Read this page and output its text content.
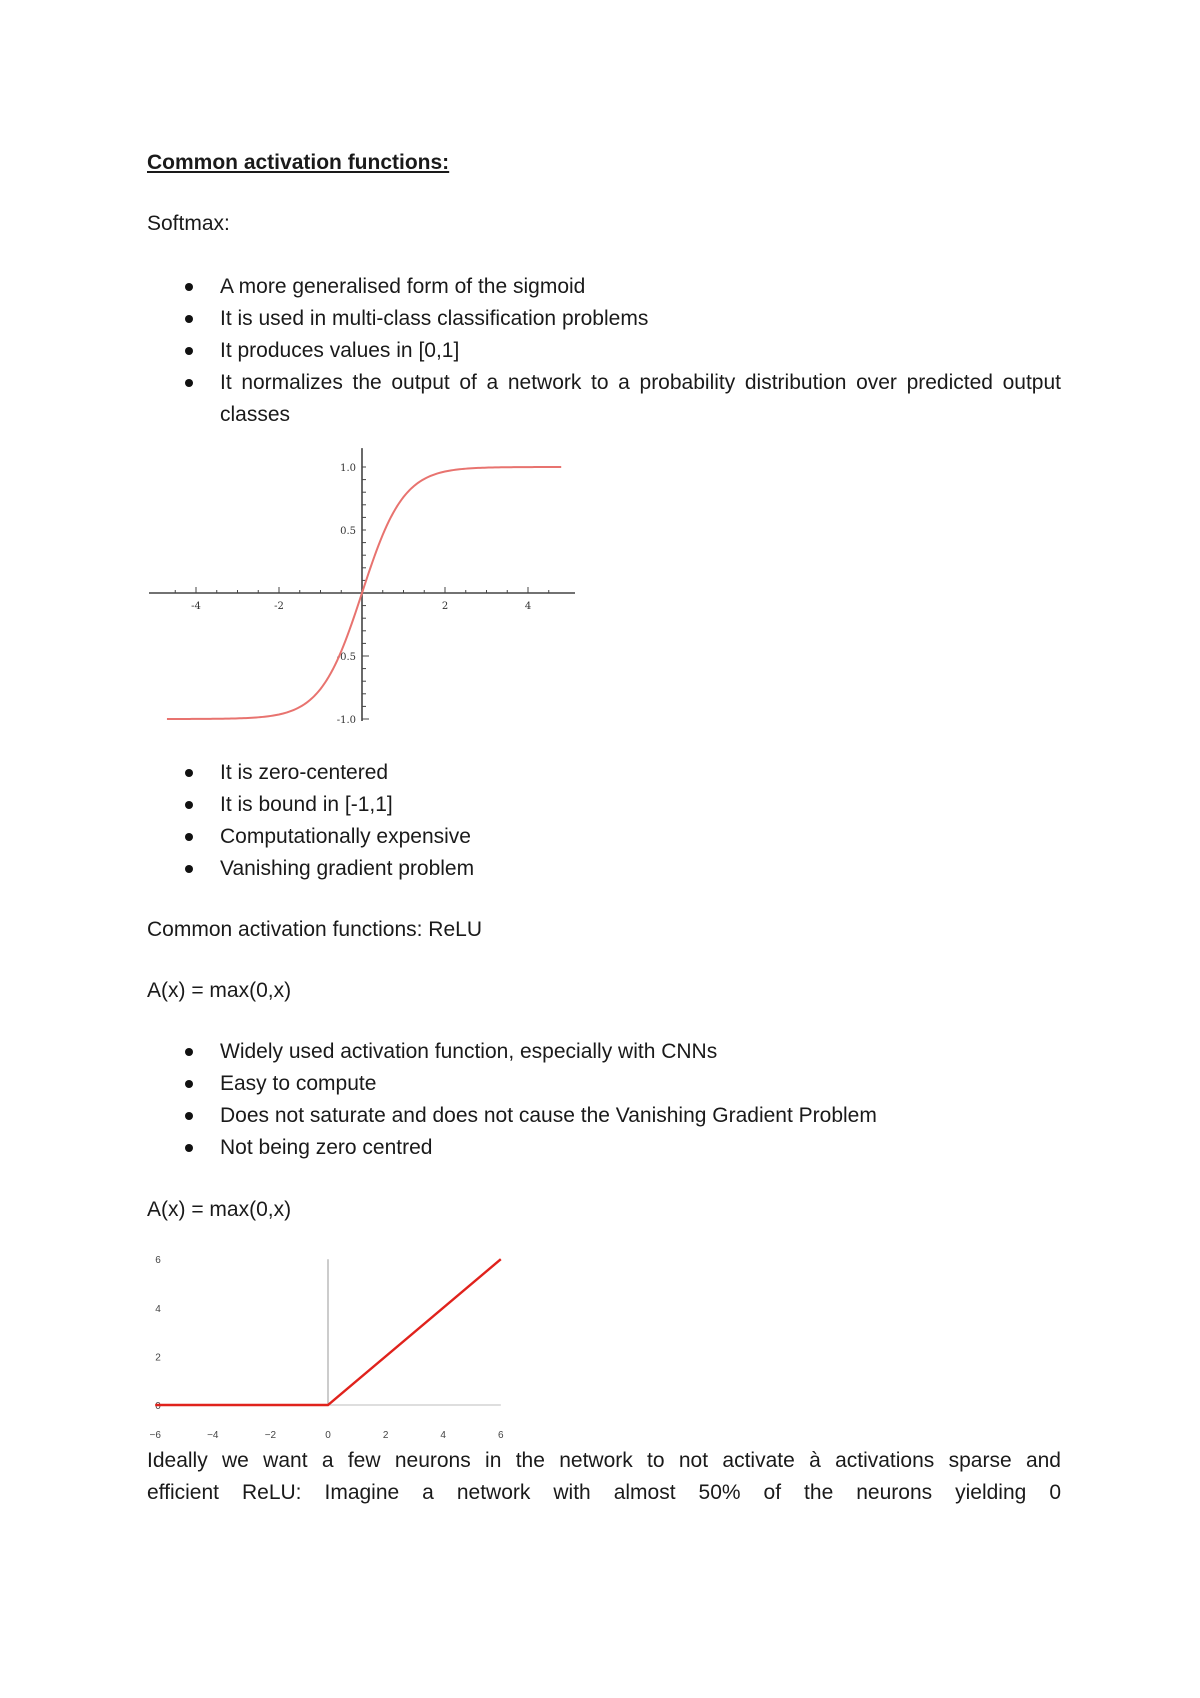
Common activation functions:
Softmax:
A more generalised form of the sigmoid
It is used in multi-class classification problems
It produces values in [0,1]
It normalizes the output of a network to a probability distribution over predicted output classes
-4	-2	2	4
1.0
0.5
-0.5
-1.0
It is zero-centered
It is bound in [-1,1]
Computationally expensive
Vanishing gradient problem
Common activation functions: ReLU
A(x) = max(0,x)
Widely used activation function, especially with CNNs
Easy to compute
Does not saturate and does not cause the Vanishing Gradient Problem
Not being zero centred
A(x) = max(0,x)
−6	−4	−2	0	2	4	6
6
4
2
0
Ideally we want a few neurons in the network to not activate à activations sparse and
efficient ReLU: Imagine a network with almost 50% of the neurons yielding 0
